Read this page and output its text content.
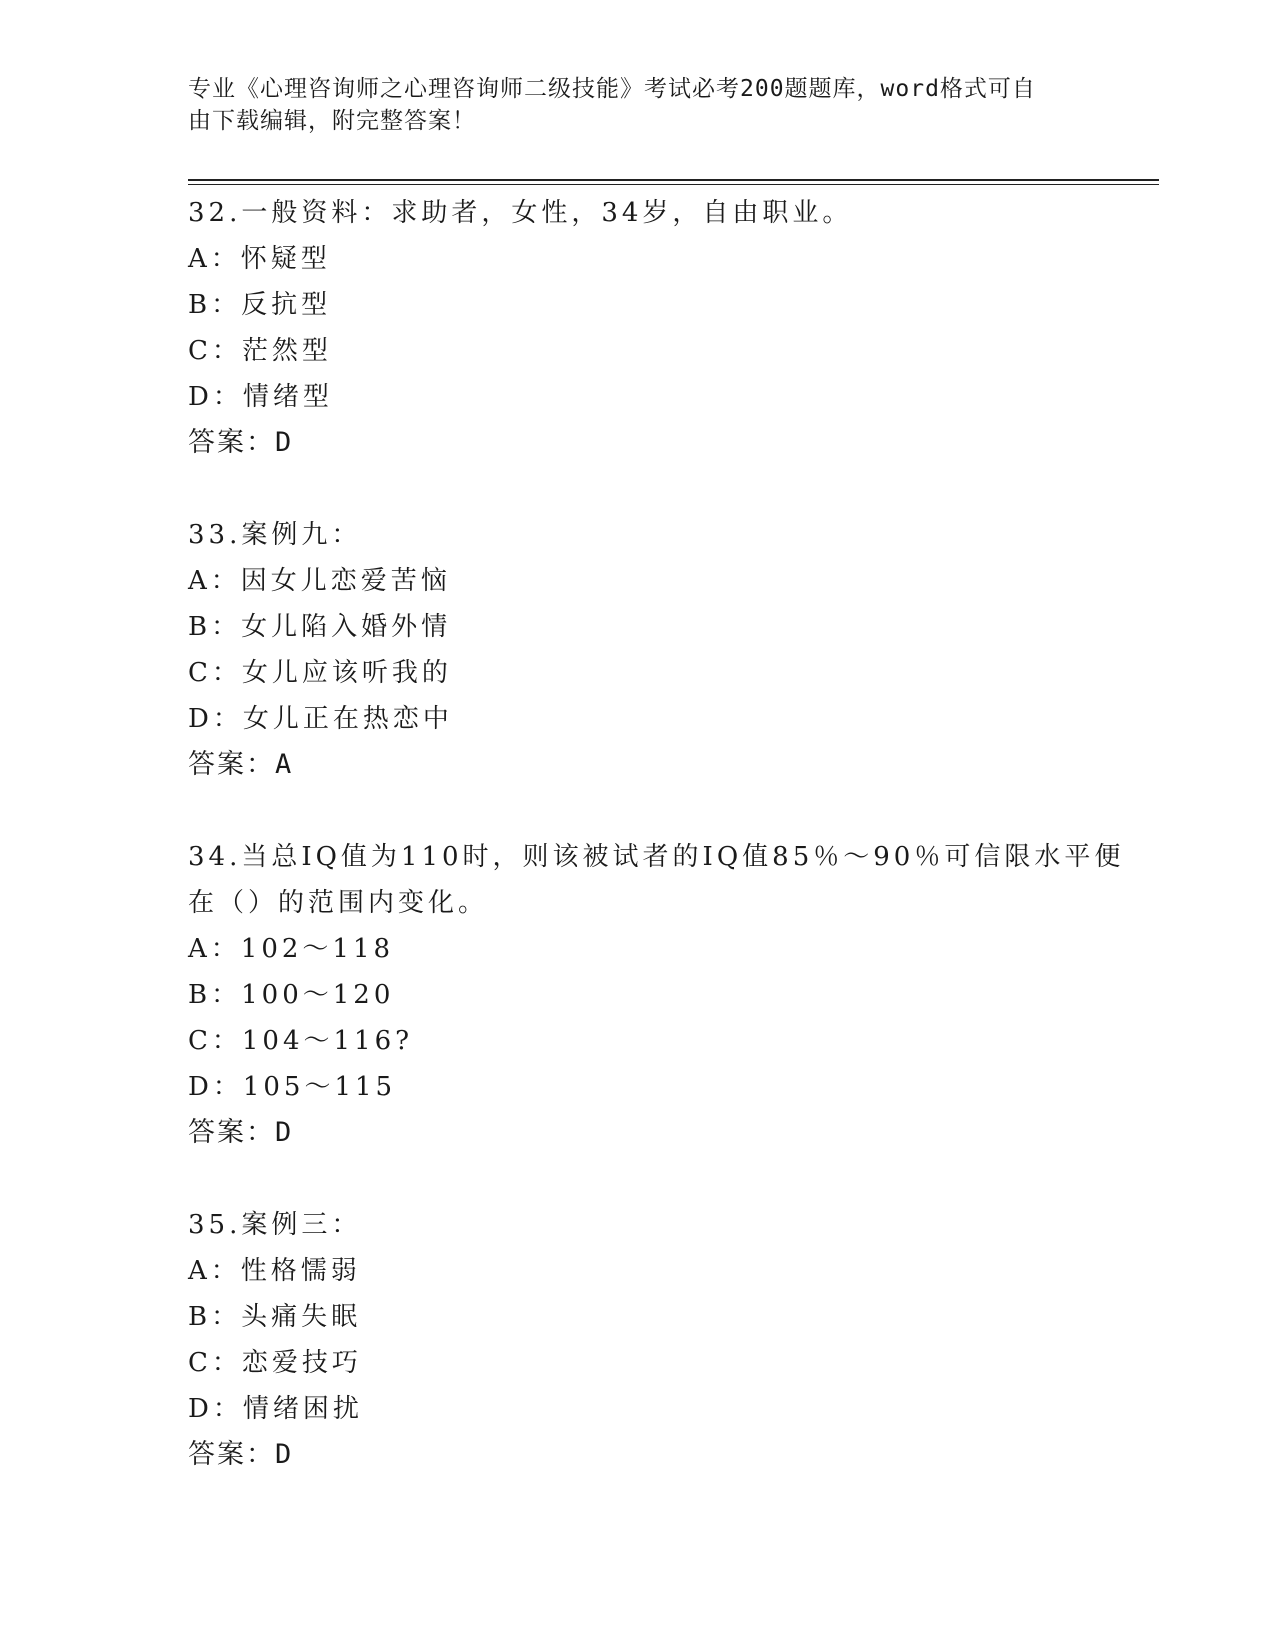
专业《心理咨询师之心理咨询师二级技能》考试必考200题题库，word格式可自
由下载编辑，附完整答案！
32.一般资料：求助者，女性，34岁，自由职业。
A：怀疑型
B：反抗型
C：茫然型
D：情绪型
答案：D
33.案例九：
A：因女儿恋爱苦恼
B：女儿陷入婚外情
C：女儿应该听我的
D：女儿正在热恋中
答案：A
34.当总IQ值为110时，则该被试者的IQ值85％～90％可信限水平便
在（）的范围内变化。
A：102～118
B：100～120
C：104～116?
D：105～115
答案：D
35.案例三：
A：性格懦弱
B：头痛失眠
C：恋爱技巧
D：情绪困扰
答案：D
